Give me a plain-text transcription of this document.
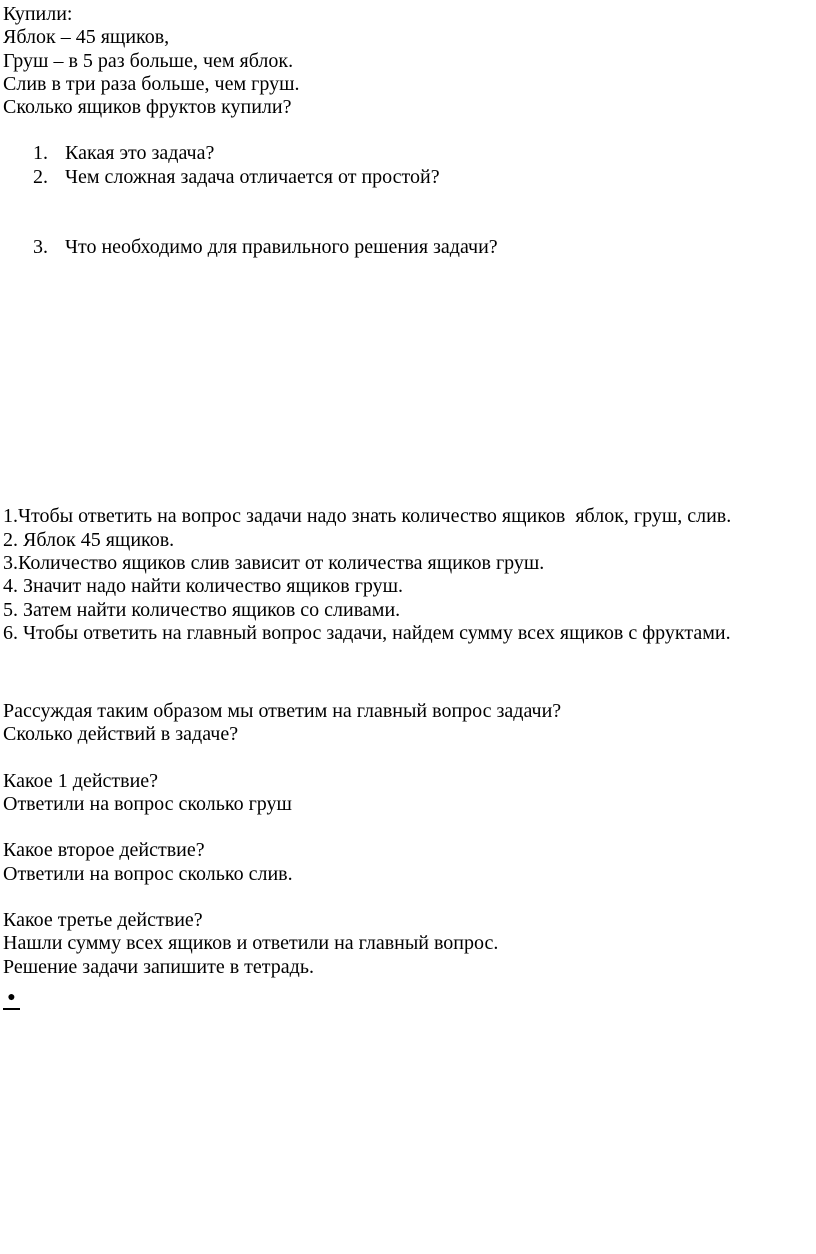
Купили:
Яблок – 45 ящиков,
Груш – в 5 раз больше, чем яблок.
Слив в три раза больше, чем груш.
Сколько ящиков фруктов купили?
1. Какая это задача?
2. Чем сложная задача отличается от простой?
3. Что необходимо для правильного решения задачи?
1.Чтобы ответить на вопрос задачи надо знать количество ящиков  яблок, груш, слив.
2. Яблок 45 ящиков.
3.Количество ящиков слив зависит от количества ящиков груш.
4. Значит надо найти количество ящиков груш.
5. Затем найти количество ящиков со сливами.
6. Чтобы ответить на главный вопрос задачи, найдем сумму всех ящиков с фруктами.
Рассуждая таким образом мы ответим на главный вопрос задачи?
Сколько действий в задаче?
Какое 1 действие?
Ответили на вопрос сколько груш
Какое второе действие?
Ответили на вопрос сколько слив.
Какое третье действие?
Нашли сумму всех ящиков и ответили на главный вопрос.
Решение задачи запишите в тетрадь.
●
